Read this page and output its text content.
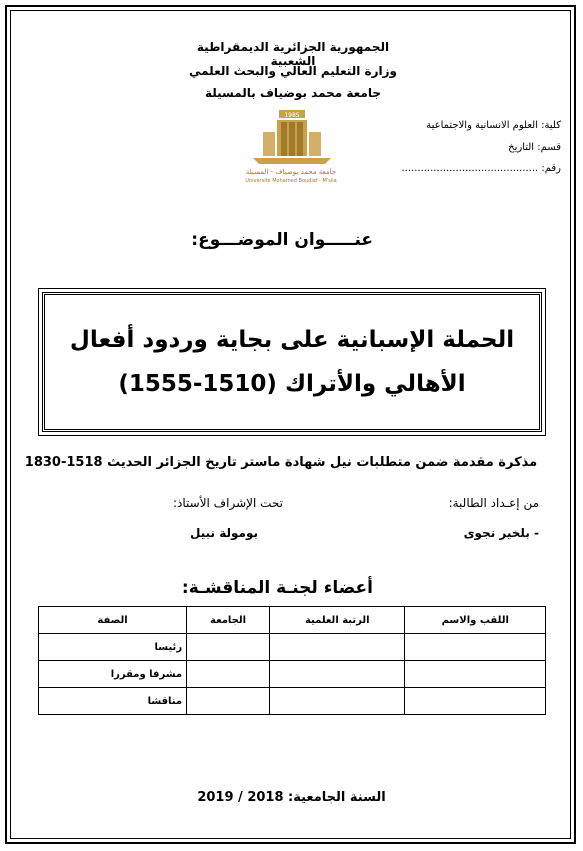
الجمهورية الجزائرية الديمقراطية الشعبية
وزارة التعليم العالي والبحث العلمي
جامعة محمد بوضياف بالمسيلة
كلية: العلوم الانسانية والاجتماعية
قسم: التاريخ
رقم: ...........................................
1985
جامعة محمد بوضياف - المسيلة
Université Mohamed Boudiaf - M'sila
عنـــــوان الموضـــوع:
الحملة الإسبانية على بجاية وردود أفعال
الأهالي والأتراك (1510-1555)
مذكرة مقدمة ضمن متطلبات نيل شهادة ماستر تاريخ الجزائر الحديث 1518-1830
من إعـداد الطالبة:
تحت الإشراف الأستاذ:
- بلخير نجوى
بومولة نبيل
أعضاء لجنـة المناقشـة:
اللقب والاسم	الرتبة العلمية	الجامعة	الصفة
			رئيسا
			مشرفا ومقررا
			مناقشا
السنة الجامعية: 2018 / 2019
